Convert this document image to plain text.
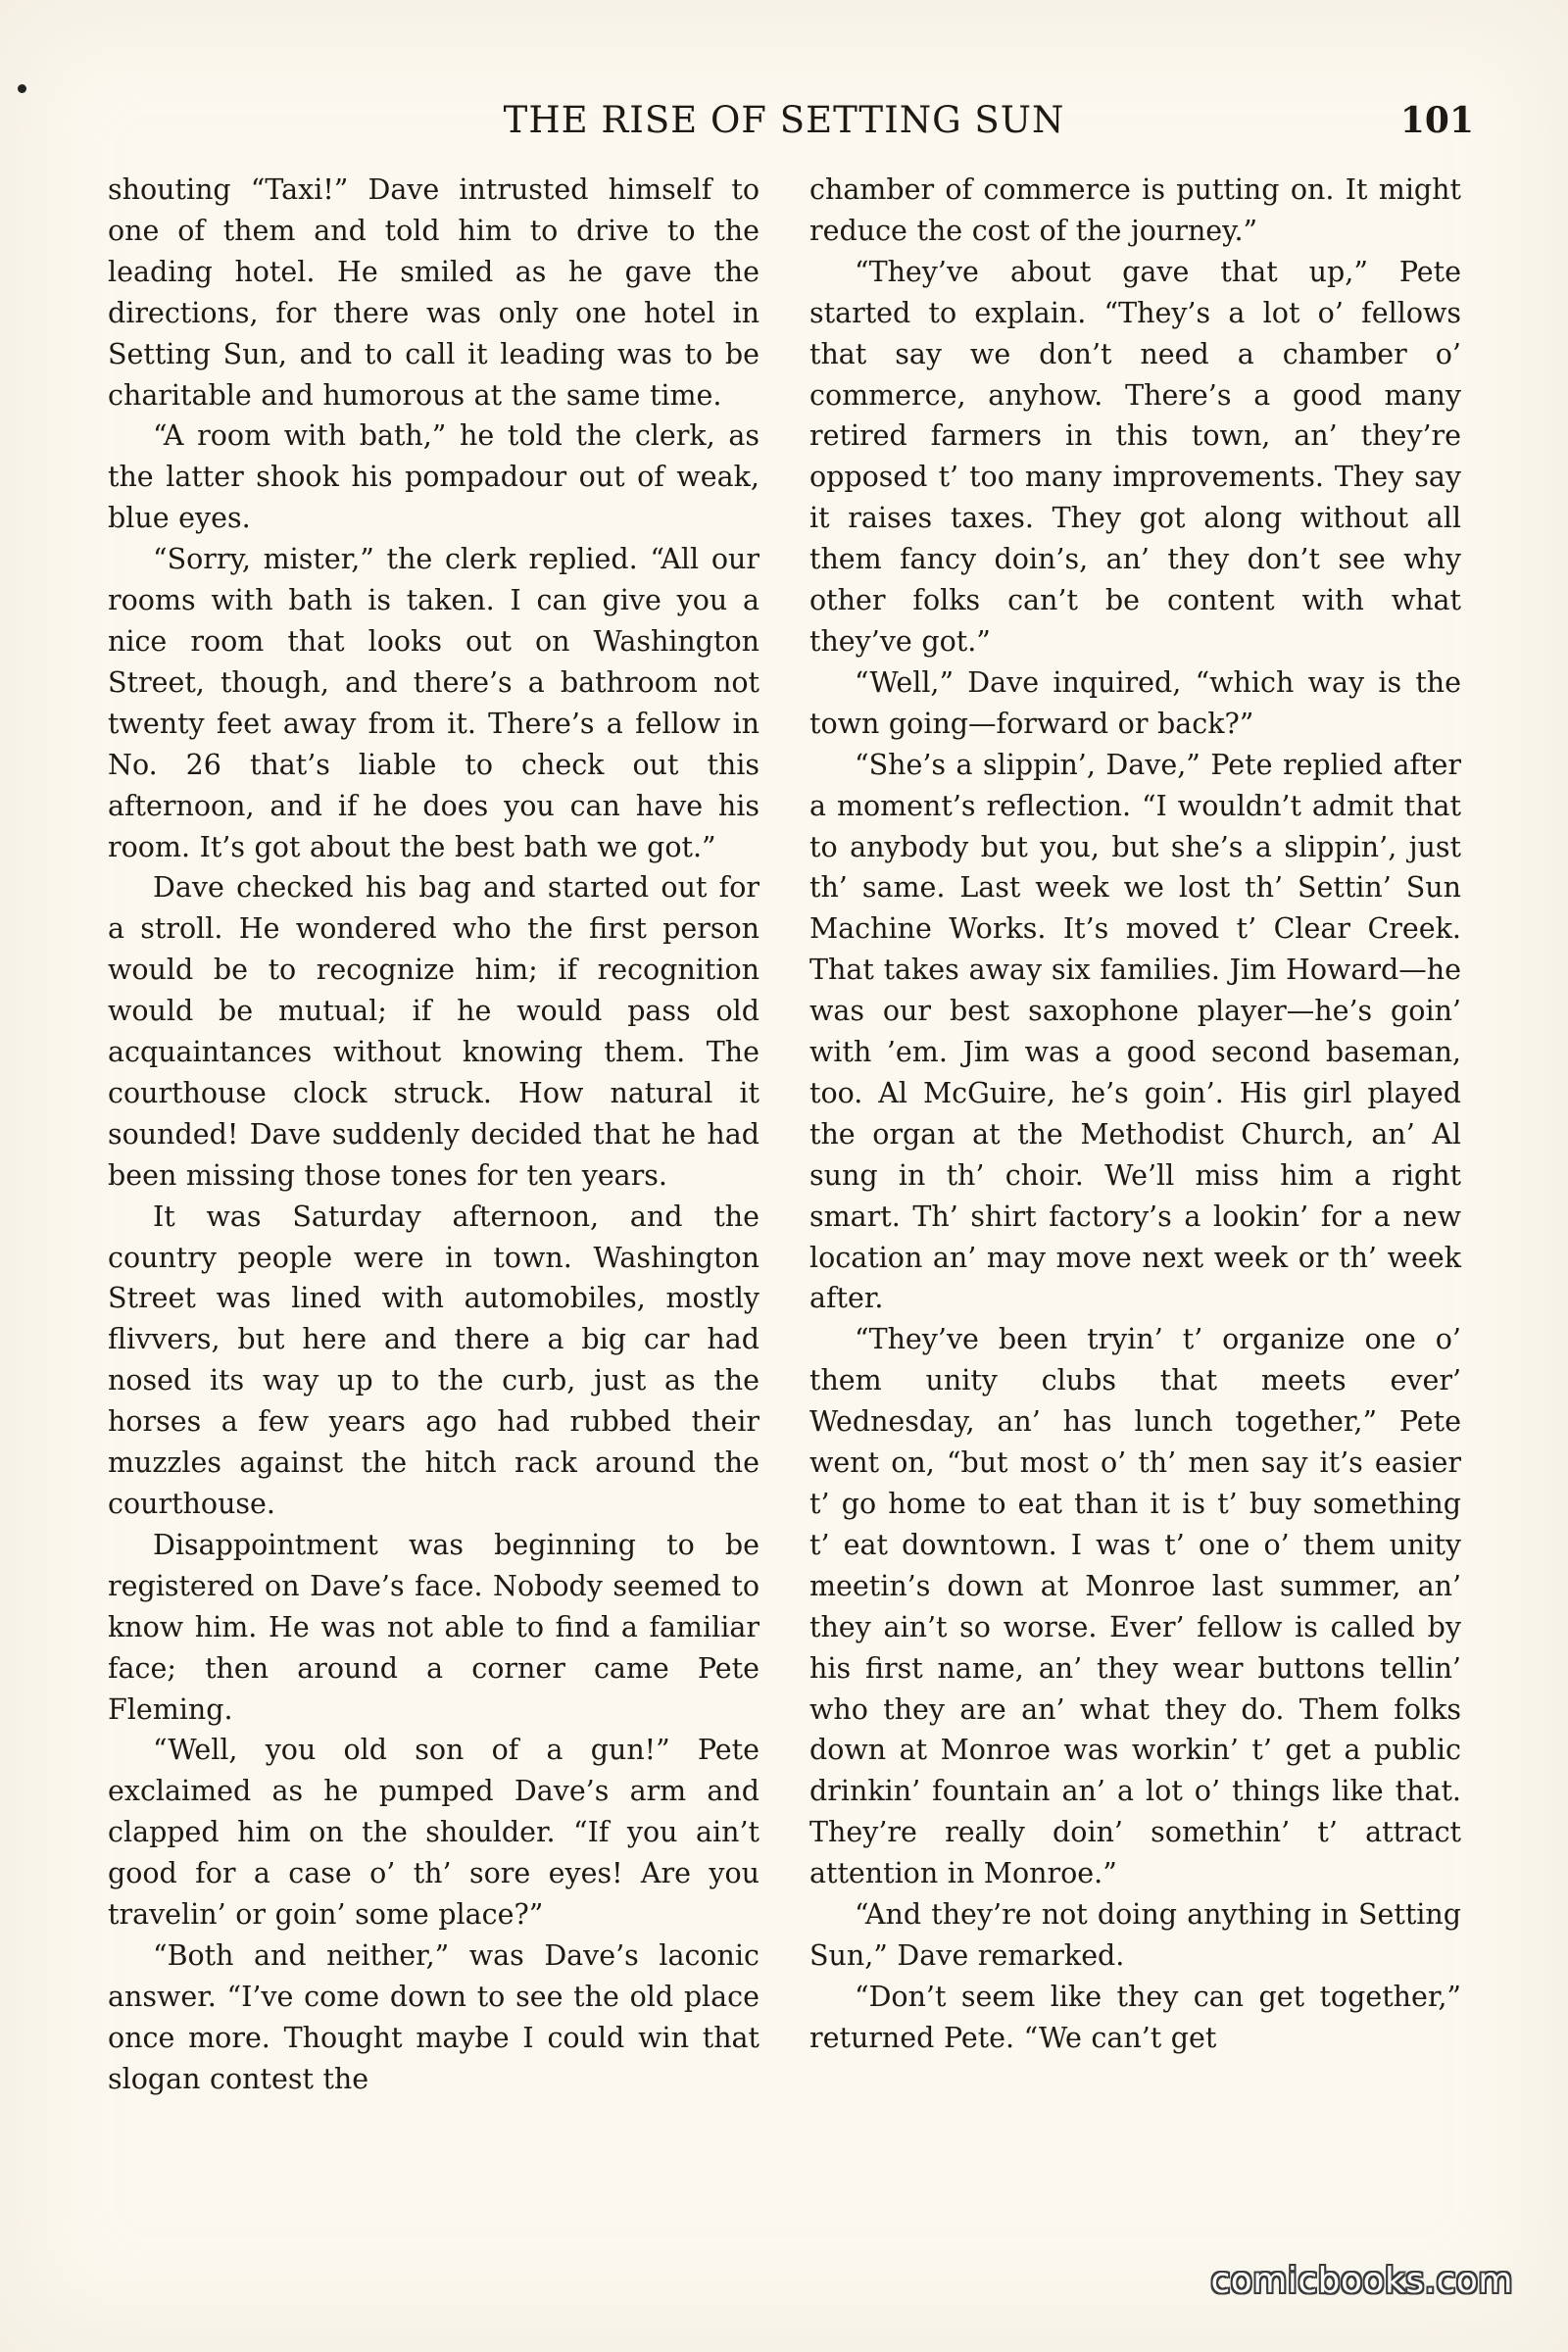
THE RISE OF SETTING SUN	101

shouting “Taxi!” Dave intrusted himself to one of them and told him to drive to the leading hotel. He smiled as he gave the directions, for there was only one hotel in Setting Sun, and to call it leading was to be charitable and humorous at the same time.

“A room with bath,” he told the clerk, as the latter shook his pompadour out of weak, blue eyes.

“Sorry, mister,” the clerk replied. “All our rooms with bath is taken. I can give you a nice room that looks out on Washington Street, though, and there’s a bathroom not twenty feet away from it. There’s a fellow in No. 26 that’s liable to check out this afternoon, and if he does you can have his room. It’s got about the best bath we got.”

Dave checked his bag and started out for a stroll. He wondered who the first person would be to recognize him; if recognition would be mutual; if he would pass old acquaintances without knowing them. The courthouse clock struck. How natural it sounded! Dave suddenly decided that he had been missing those tones for ten years.

It was Saturday afternoon, and the country people were in town. Washington Street was lined with automobiles, mostly flivvers, but here and there a big car had nosed its way up to the curb, just as the horses a few years ago had rubbed their muzzles against the hitch rack around the courthouse.

Disappointment was beginning to be registered on Dave’s face. Nobody seemed to know him. He was not able to find a familiar face; then around a corner came Pete Fleming.

“Well, you old son of a gun!” Pete exclaimed as he pumped Dave’s arm and clapped him on the shoulder. “If you ain’t good for a case o’ th’ sore eyes! Are you travelin’ or goin’ some place?”

“Both and neither,” was Dave’s laconic answer. “I’ve come down to see the old place once more. Thought maybe I could win that slogan contest the

chamber of commerce is putting on. It might reduce the cost of the journey.”

“They’ve about gave that up,” Pete started to explain. “They’s a lot o’ fellows that say we don’t need a chamber o’ commerce, anyhow. There’s a good many retired farmers in this town, an’ they’re opposed t’ too many improvements. They say it raises taxes. They got along without all them fancy doin’s, an’ they don’t see why other folks can’t be content with what they’ve got.”

“Well,” Dave inquired, “which way is the town going—forward or back?”

“She’s a slippin’, Dave,” Pete replied after a moment’s reflection. “I wouldn’t admit that to anybody but you, but she’s a slippin’, just th’ same. Last week we lost th’ Settin’ Sun Machine Works. It’s moved t’ Clear Creek. That takes away six families. Jim Howard—he was our best saxophone player—he’s goin’ with ’em. Jim was a good second baseman, too. Al McGuire, he’s goin’. His girl played the organ at the Methodist Church, an’ Al sung in th’ choir. We’ll miss him a right smart. Th’ shirt factory’s a lookin’ for a new location an’ may move next week or th’ week after.

“They’ve been tryin’ t’ organize one o’ them unity clubs that meets ever’ Wednesday, an’ has lunch together,” Pete went on, “but most o’ th’ men say it’s easier t’ go home to eat than it is t’ buy something t’ eat downtown. I was t’ one o’ them unity meetin’s down at Monroe last summer, an’ they ain’t so worse. Ever’ fellow is called by his first name, an’ they wear buttons tellin’ who they are an’ what they do. Them folks down at Monroe was workin’ t’ get a public drinkin’ fountain an’ a lot o’ things like that. They’re really doin’ somethin’ t’ attract attention in Monroe.”

“And they’re not doing anything in Setting Sun,” Dave remarked.

“Don’t seem like they can get together,” returned Pete. “We can’t get

comicbooks.com
